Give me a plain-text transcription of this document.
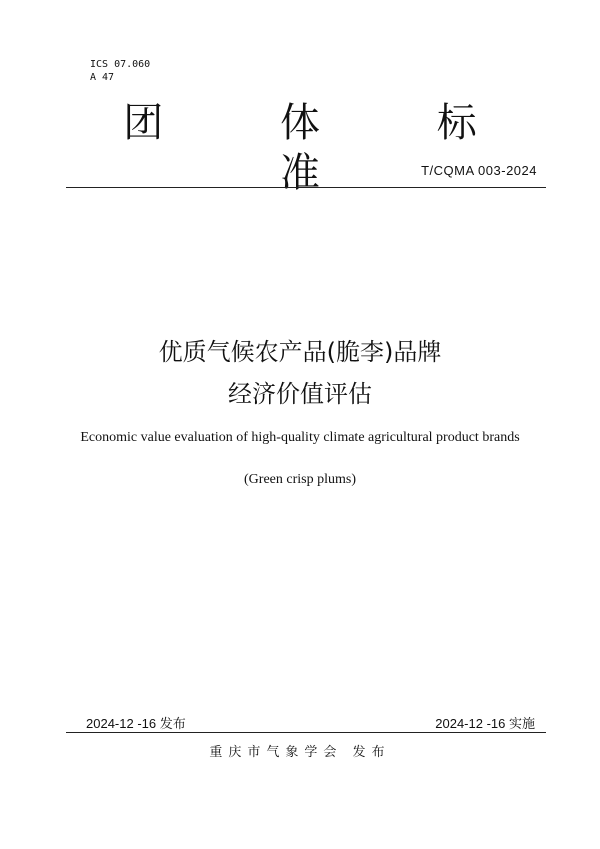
ICS 07.060
A 47
团 体 标 准	T/CQMA 003-2024
优质气候农产品(脆李)品牌
经济价值评估
Economic value evaluation of high-quality climate agricultural product brands
(Green crisp plums)
2024-12 -16 发布	2024-12 -16 实施
重庆市气象学会 发布
